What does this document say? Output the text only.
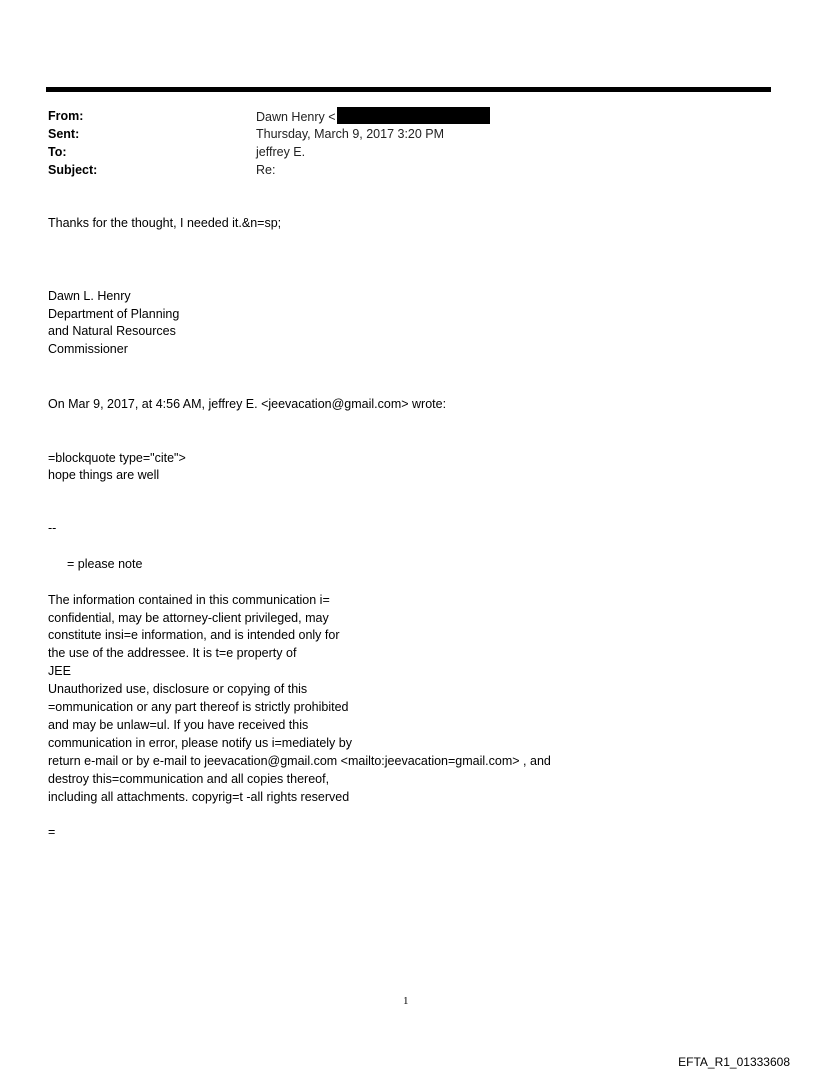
From:	Dawn Henry <
Sent:	Thursday, March 9, 2017 3:20 PM
To:	jeffrey E.
Subject:	Re:
Thanks for the thought, I needed it.&n=sp;
Dawn L. Henry
Department of Planning
and Natural Resources
Commissioner
On Mar 9, 2017, at 4:56 AM, jeffrey E. <jeevacation@gmail.com> wrote:
=blockquote type="cite">
hope things are well
--
= please note
The information contained in this communication i=
confidential, may be attorney-client privileged, may
constitute insi=e information, and is intended only for
the use of the addressee. It is t=e property of
JEE
Unauthorized use, disclosure or copying of this
=ommunication or any part thereof is strictly prohibited
and may be unlaw=ul. If you have received this
communication in error, please notify us i=mediately by
return e-mail or by e-mail to jeevacation@gmail.com <mailto:jeevacation=gmail.com> , and
destroy this=communication and all copies thereof,
including all attachments. copyrig=t -all rights reserved
=
1
EFTA_R1_01333608
